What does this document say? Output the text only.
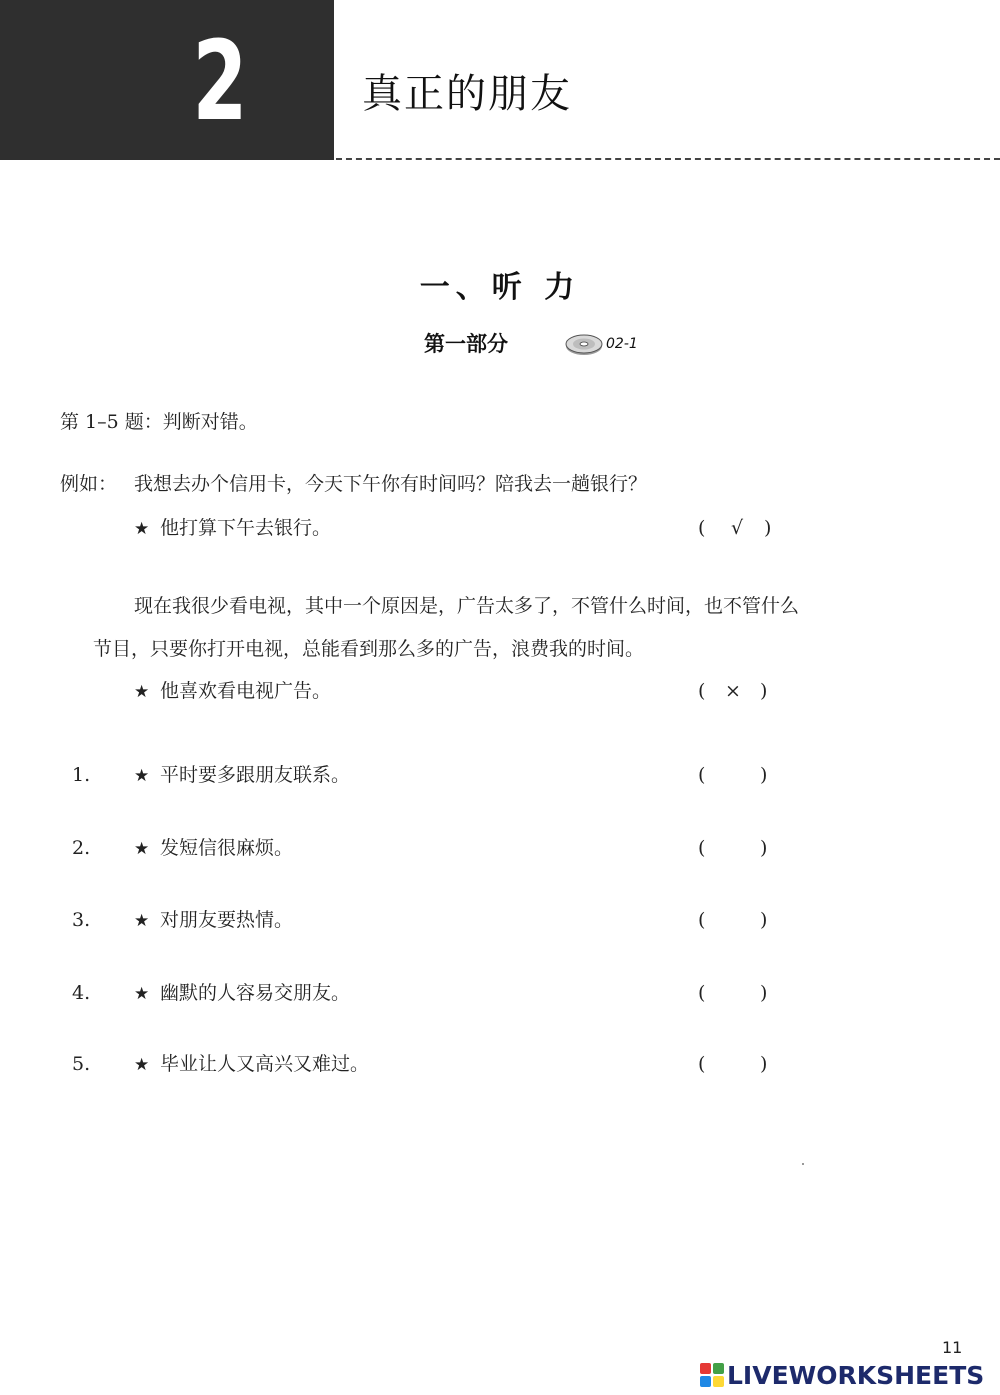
2	真正的朋友
一、听 力
第一部分	02-1
第 1–5 题：判断对错。
例如： 我想去办个信用卡，今天下午你有时间吗？陪我去一趟银行？
★ 他打算下午去银行。	(	√	)
现在我很少看电视，其中一个原因是，广告太多了，不管什么时间，也不管什么
节目，只要你打开电视，总能看到那么多的广告，浪费我的时间。
★ 他喜欢看电视广告。	(	×	)
1.	★ 平时要多跟朋友联系。	(	)
2.	★ 发短信很麻烦。	(	)
3.	★ 对朋友要热情。	(	)
4.	★ 幽默的人容易交朋友。	(	)
5.	★ 毕业让人又高兴又难过。	(	)
11
LIVEWORKSHEETS
